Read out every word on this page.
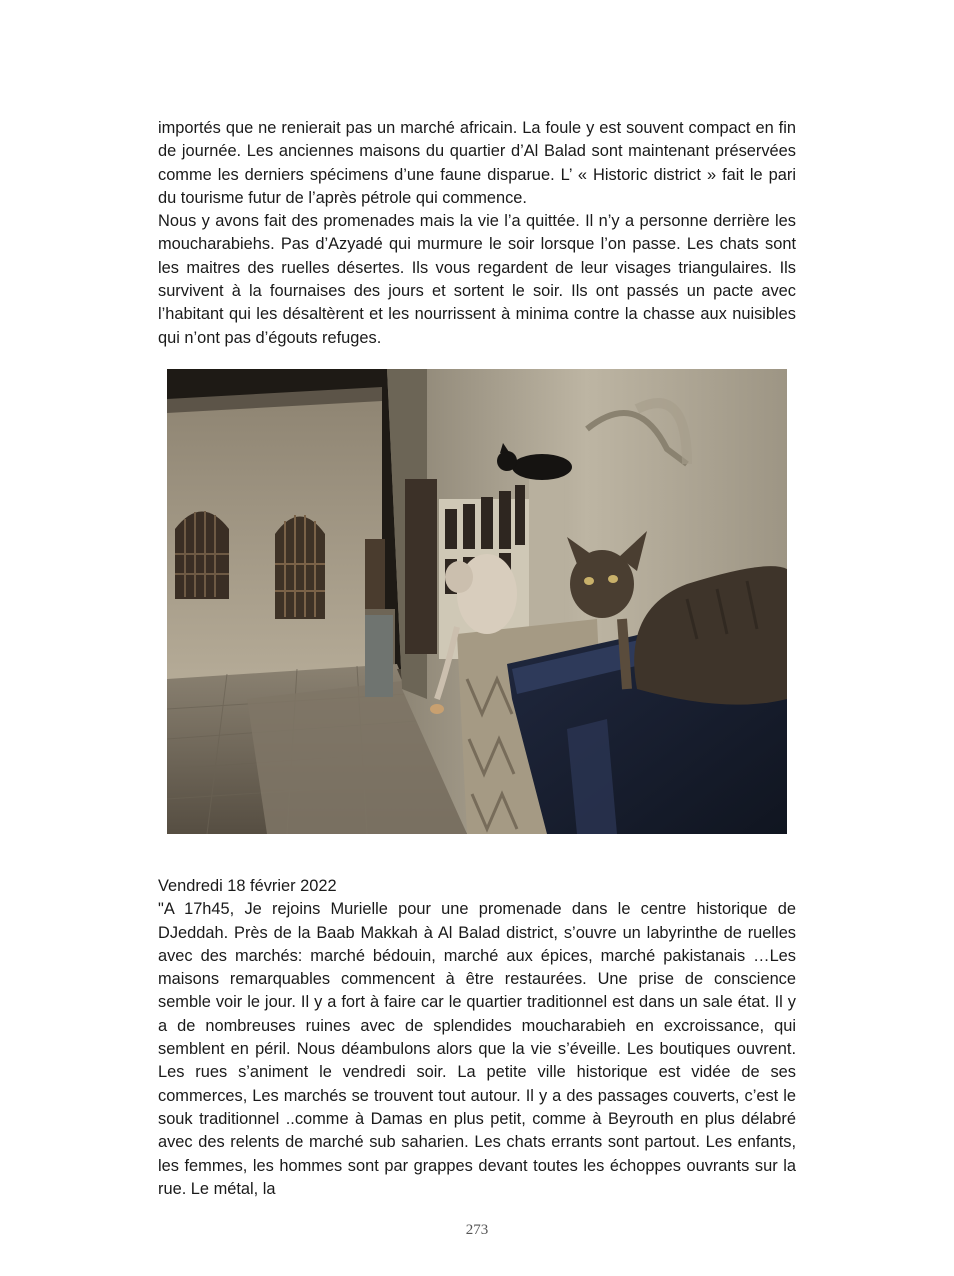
importés que ne renierait pas un marché africain. La foule y est souvent compact en fin de journée. Les anciennes maisons du quartier d’Al Balad sont maintenant préservées comme les derniers spécimens d’une faune disparue. L’ « Historic district » fait le pari du tourisme futur de l’après pétrole qui commence.

Nous y avons fait des promenades mais la vie l’a quittée. Il n’y a personne derrière les moucharabiehs. Pas d’Azyadé qui murmure le soir lorsque l’on passe. Les chats sont les maitres des ruelles désertes. Ils vous regardent de leur visages triangulaires. Ils survivent à la fournaises des jours et sortent le soir. Ils ont passés un pacte avec l’habitant qui les désaltèrent et les nourrissent à minima contre la chasse aux nuisibles qui n’ont pas d’égouts refuges.

Vendredi 18 février 2022

"A 17h45, Je rejoins Murielle pour une promenade dans le centre historique de DJeddah. Près de la Baab Makkah à Al Balad district, s’ouvre un labyrinthe de ruelles avec des marchés: marché bédouin, marché aux épices, marché pakistanais …Les maisons remarquables commencent à être restaurées. Une prise de conscience semble voir le jour. Il y a fort à faire car le quartier traditionnel est dans un sale état. Il y a de nombreuses ruines avec de splendides moucharabieh en excroissance, qui semblent en péril. Nous déambulons alors que la vie s’éveille. Les boutiques ouvrent. Les rues s’animent le vendredi soir. La petite ville historique est vidée de ses commerces, Les marchés se trouvent tout autour. Il y a des passages couverts, c’est le souk traditionnel ..comme à Damas en plus petit, comme à Beyrouth en plus délabré avec des relents de marché sub saharien. Les chats errants sont partout. Les enfants, les femmes, les hommes sont par grappes devant toutes les échoppes ouvrants sur la rue. Le métal, la

273
